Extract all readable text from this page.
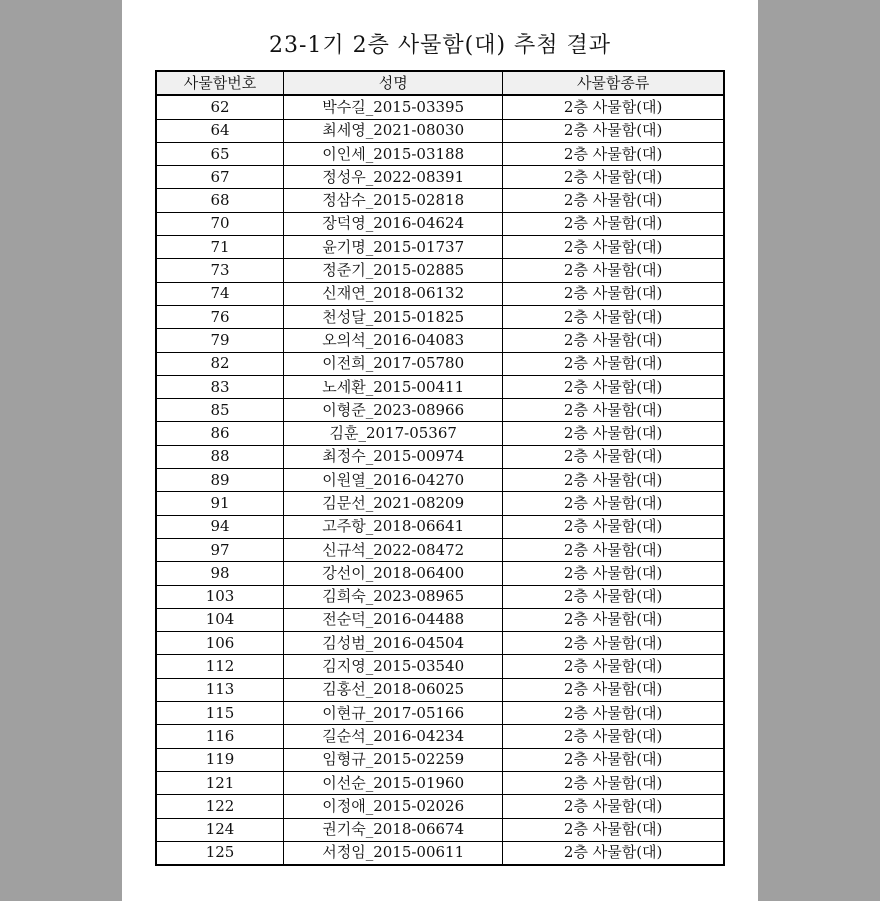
23-1기 2층 사물함(대) 추첨 결과
사물함번호	성명	사물함종류
62	박수길_2015-03395	2층 사물함(대)
64	최세영_2021-08030	2층 사물함(대)
65	이인세_2015-03188	2층 사물함(대)
67	정성우_2022-08391	2층 사물함(대)
68	정삼수_2015-02818	2층 사물함(대)
70	장덕영_2016-04624	2층 사물함(대)
71	윤기명_2015-01737	2층 사물함(대)
73	정준기_2015-02885	2층 사물함(대)
74	신재연_2018-06132	2층 사물함(대)
76	천성달_2015-01825	2층 사물함(대)
79	오의석_2016-04083	2층 사물함(대)
82	이전희_2017-05780	2층 사물함(대)
83	노세환_2015-00411	2층 사물함(대)
85	이형준_2023-08966	2층 사물함(대)
86	김훈_2017-05367	2층 사물함(대)
88	최정수_2015-00974	2층 사물함(대)
89	이원열_2016-04270	2층 사물함(대)
91	김문선_2021-08209	2층 사물함(대)
94	고주항_2018-06641	2층 사물함(대)
97	신규석_2022-08472	2층 사물함(대)
98	강선이_2018-06400	2층 사물함(대)
103	김희숙_2023-08965	2층 사물함(대)
104	전순덕_2016-04488	2층 사물함(대)
106	김성범_2016-04504	2층 사물함(대)
112	김지영_2015-03540	2층 사물함(대)
113	김홍선_2018-06025	2층 사물함(대)
115	이현규_2017-05166	2층 사물함(대)
116	길순석_2016-04234	2층 사물함(대)
119	임형규_2015-02259	2층 사물함(대)
121	이선순_2015-01960	2층 사물함(대)
122	이정애_2015-02026	2층 사물함(대)
124	권기숙_2018-06674	2층 사물함(대)
125	서정임_2015-00611	2층 사물함(대)
